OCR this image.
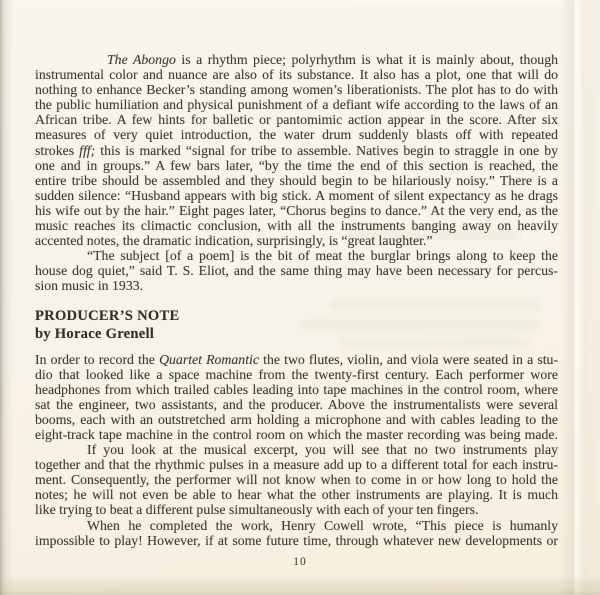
The Abongo is a rhythm piece; polyrhythm is what it is mainly about, though
instrumental color and nuance are also of its substance. It also has a plot, one that will do
nothing to enhance Becker’s standing among women’s liberationists. The plot has to do with
the public humiliation and physical punishment of a defiant wife according to the laws of an
African tribe. A few hints for balletic or pantomimic action appear in the score. After six
measures of very quiet introduction, the water drum suddenly blasts off with repeated
strokes fff; this is marked “signal for tribe to assemble. Natives begin to straggle in one by
one and in groups.” A few bars later, “by the time the end of this section is reached, the
entire tribe should be assembled and they should begin to be hilariously noisy.” There is a
sudden silence: “Husband appears with big stick. A moment of silent expectancy as he drags
his wife out by the hair.” Eight pages later, “Chorus begins to dance.” At the very end, as the
music reaches its climactic conclusion, with all the instruments banging away on heavily
accented notes, the dramatic indication, surprisingly, is “great laughter.”
“The subject [of a poem] is the bit of meat the burglar brings along to keep the
house dog quiet,” said T. S. Eliot, and the same thing may have been necessary for percus-
sion music in 1933.
PRODUCER’S NOTE
by Horace Grenell
In order to record the Quartet Romantic the two flutes, violin, and viola were seated in a stu-
dio that looked like a space machine from the twenty-first century. Each performer wore
headphones from which trailed cables leading into tape machines in the control room, where
sat the engineer, two assistants, and the producer. Above the instrumentalists were several
booms, each with an outstretched arm holding a microphone and with cables leading to the
eight-track tape machine in the control room on which the master recording was being made.
If you look at the musical excerpt, you will see that no two instruments play
together and that the rhythmic pulses in a measure add up to a different total for each instru-
ment. Consequently, the performer will not know when to come in or how long to hold the
notes; he will not even be able to hear what the other instruments are playing. It is much
like trying to beat a different pulse simultaneously with each of your ten fingers.
When he completed the work, Henry Cowell wrote, “This piece is humanly
impossible to play! However, if at some future time, through whatever new developments or
10
